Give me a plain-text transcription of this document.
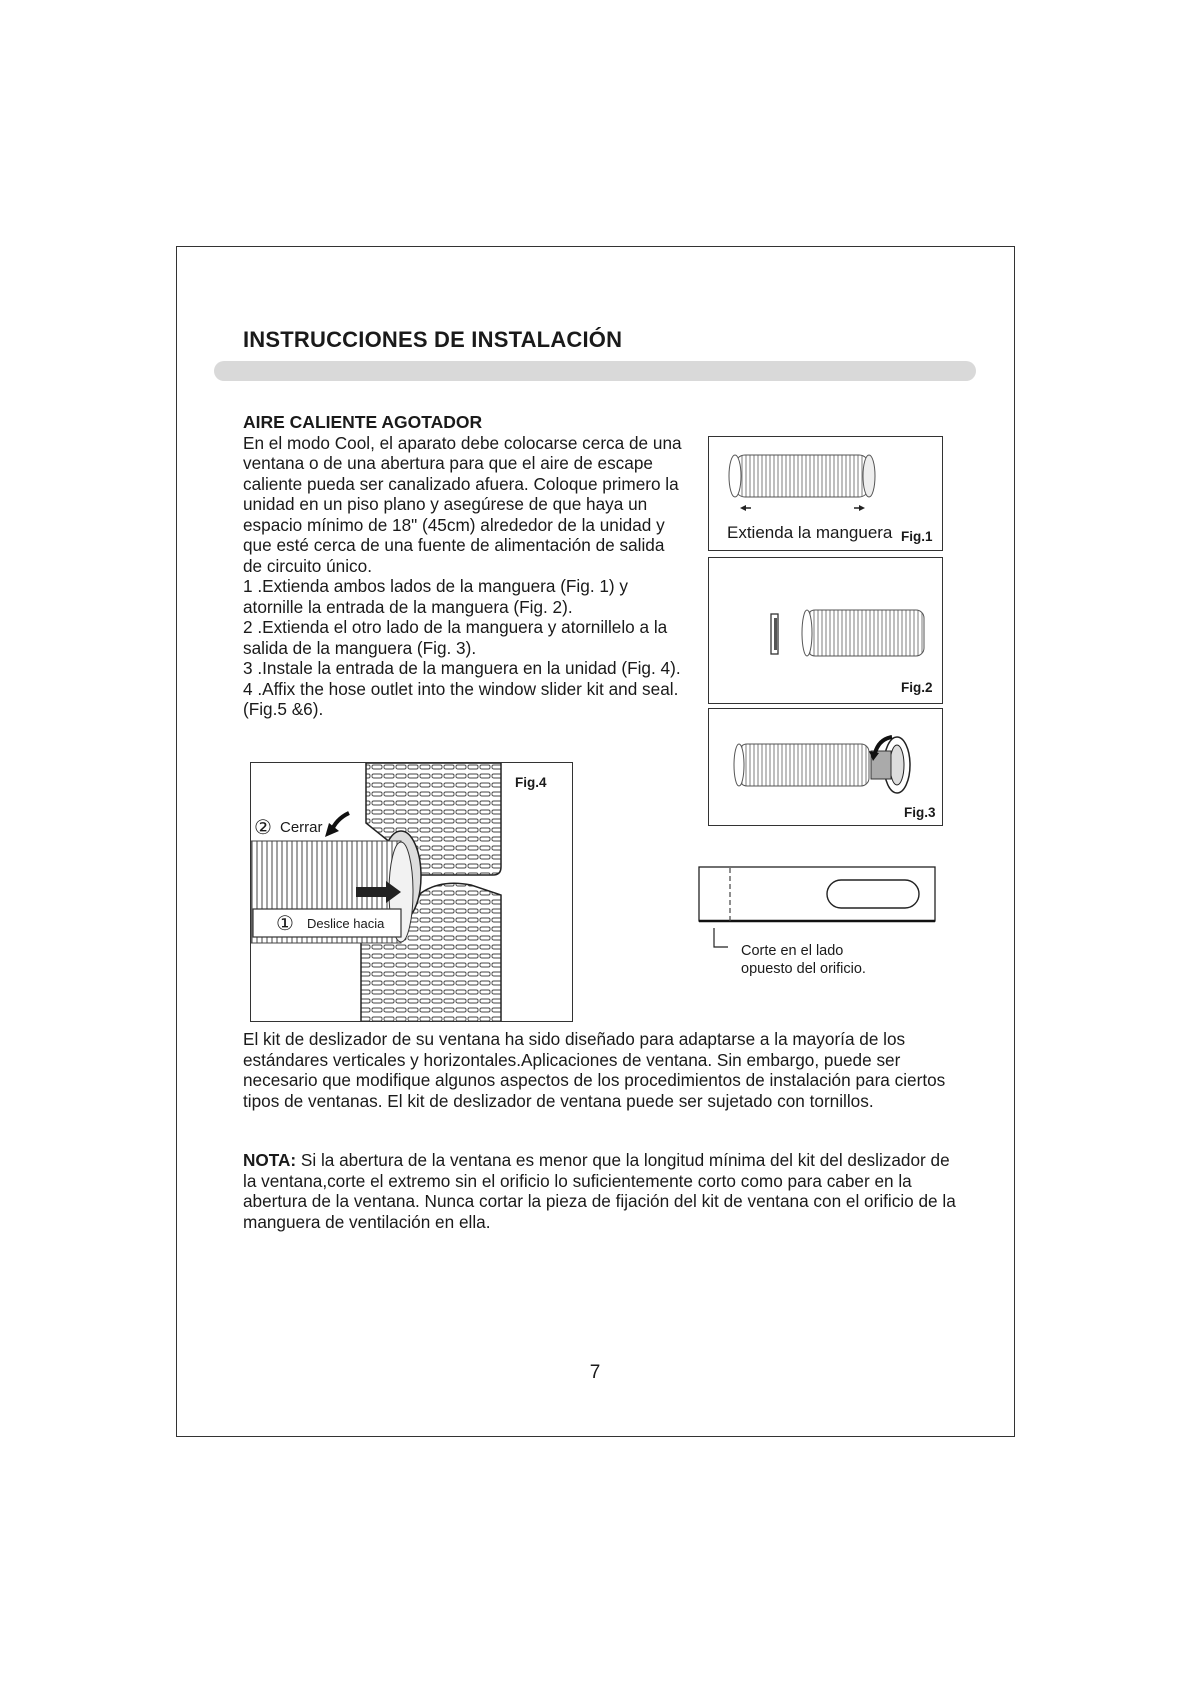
INSTRUCCIONES DE INSTALACIÓN

AIRE CALIENTE AGOTADOR

En el modo Cool, el aparato debe colocarse cerca de una ventana o de una abertura para que el aire de escape caliente pueda ser canalizado afuera. Coloque primero la unidad en un piso plano y asegúrese de que haya un espacio mínimo de 18" (45cm) alrededor de la unidad y que esté cerca de una fuente de alimentación de salida de circuito único.

1 .Extienda ambos lados de la manguera (Fig. 1) y atornille la entrada de la manguera (Fig. 2).

2 .Extienda el otro lado de la manguera y atornillelo a la salida de la manguera (Fig. 3).

3 .Instale la entrada de la manguera en la unidad (Fig. 4).

4 .Affix the hose outlet into the window slider kit and seal. (Fig.5 &6).

Extienda la manguera Fig.1
Fig.2
Fig.3
Fig.4
② Cerrar
① Deslice hacia
Corte en el lado
opuesto del orificio.

El kit de deslizador de su ventana ha sido diseñado para adaptarse a la mayoría de los estándares verticales y horizontales.Aplicaciones de ventana. Sin embargo, puede ser necesario que modifique algunos aspectos de los procedimientos de instalación para ciertos tipos de ventanas. El kit de deslizador de ventana puede ser sujetado con tornillos.

NOTA: Si la abertura de la ventana es menor que la longitud mínima del kit del deslizador de la ventana,corte el extremo sin el orificio lo suficientemente corto como para caber en la abertura de la ventana. Nunca cortar la pieza de fijación del kit de ventana con el orificio de la manguera de ventilación en ella.

7
